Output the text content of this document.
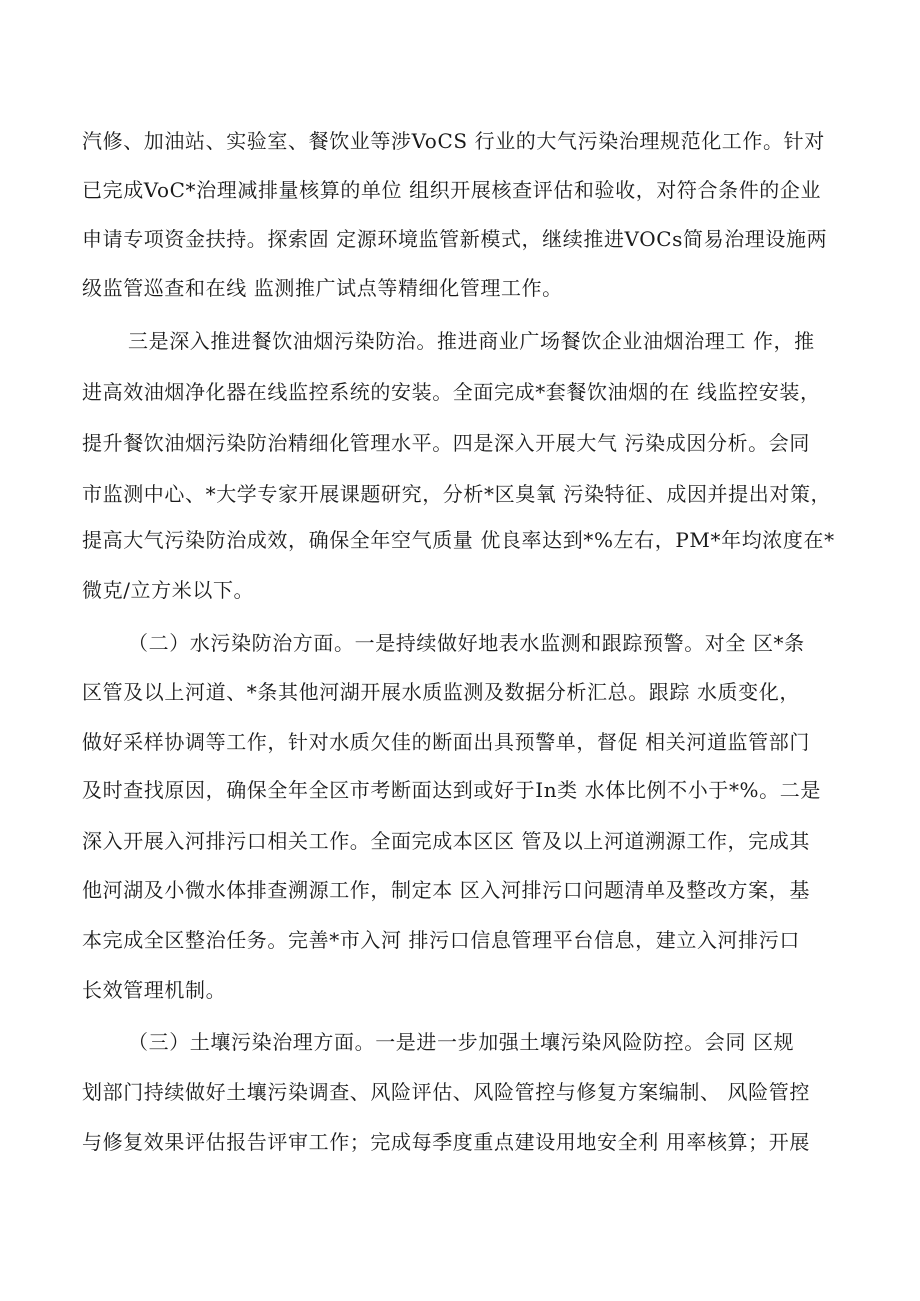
汽修、加油站、实验室、餐饮业等涉VoCS 行业的大气污染治理规范化工作。针对
已完成VoC*治理减排量核算的单位 组织开展核查评估和验收，对符合条件的企业
申请专项资金扶持。探索固 定源环境监管新模式，继续推进VOCs简易治理设施两
级监管巡查和在线 监测推广试点等精细化管理工作。
三是深入推进餐饮油烟污染防治。推进商业广场餐饮企业油烟治理工 作，推
进高效油烟净化器在线监控系统的安装。全面完成*套餐饮油烟的在 线监控安装，
提升餐饮油烟污染防治精细化管理水平。四是深入开展大气 污染成因分析。会同
市监测中心、*大学专家开展课题研究，分析*区臭氧 污染特征、成因并提出对策，
提高大气污染防治成效，确保全年空气质量 优良率达到*%左右，PM*年均浓度在*
微克/立方米以下。
（二）水污染防治方面。一是持续做好地表水监测和跟踪预警。对全 区*条
区管及以上河道、*条其他河湖开展水质监测及数据分析汇总。跟踪 水质变化，
做好采样协调等工作，针对水质欠佳的断面出具预警单，督促 相关河道监管部门
及时查找原因，确保全年全区市考断面达到或好于In类 水体比例不小于*%。二是
深入开展入河排污口相关工作。全面完成本区区 管及以上河道溯源工作，完成其
他河湖及小微水体排查溯源工作，制定本 区入河排污口问题清单及整改方案，基
本完成全区整治任务。完善*市入河 排污口信息管理平台信息，建立入河排污口
长效管理机制。
（三）土壤污染治理方面。一是进一步加强土壤污染风险防控。会同 区规
划部门持续做好土壤污染调查、风险评估、风险管控与修复方案编制、 风险管控
与修复效果评估报告评审工作；完成每季度重点建设用地安全利 用率核算；开展
